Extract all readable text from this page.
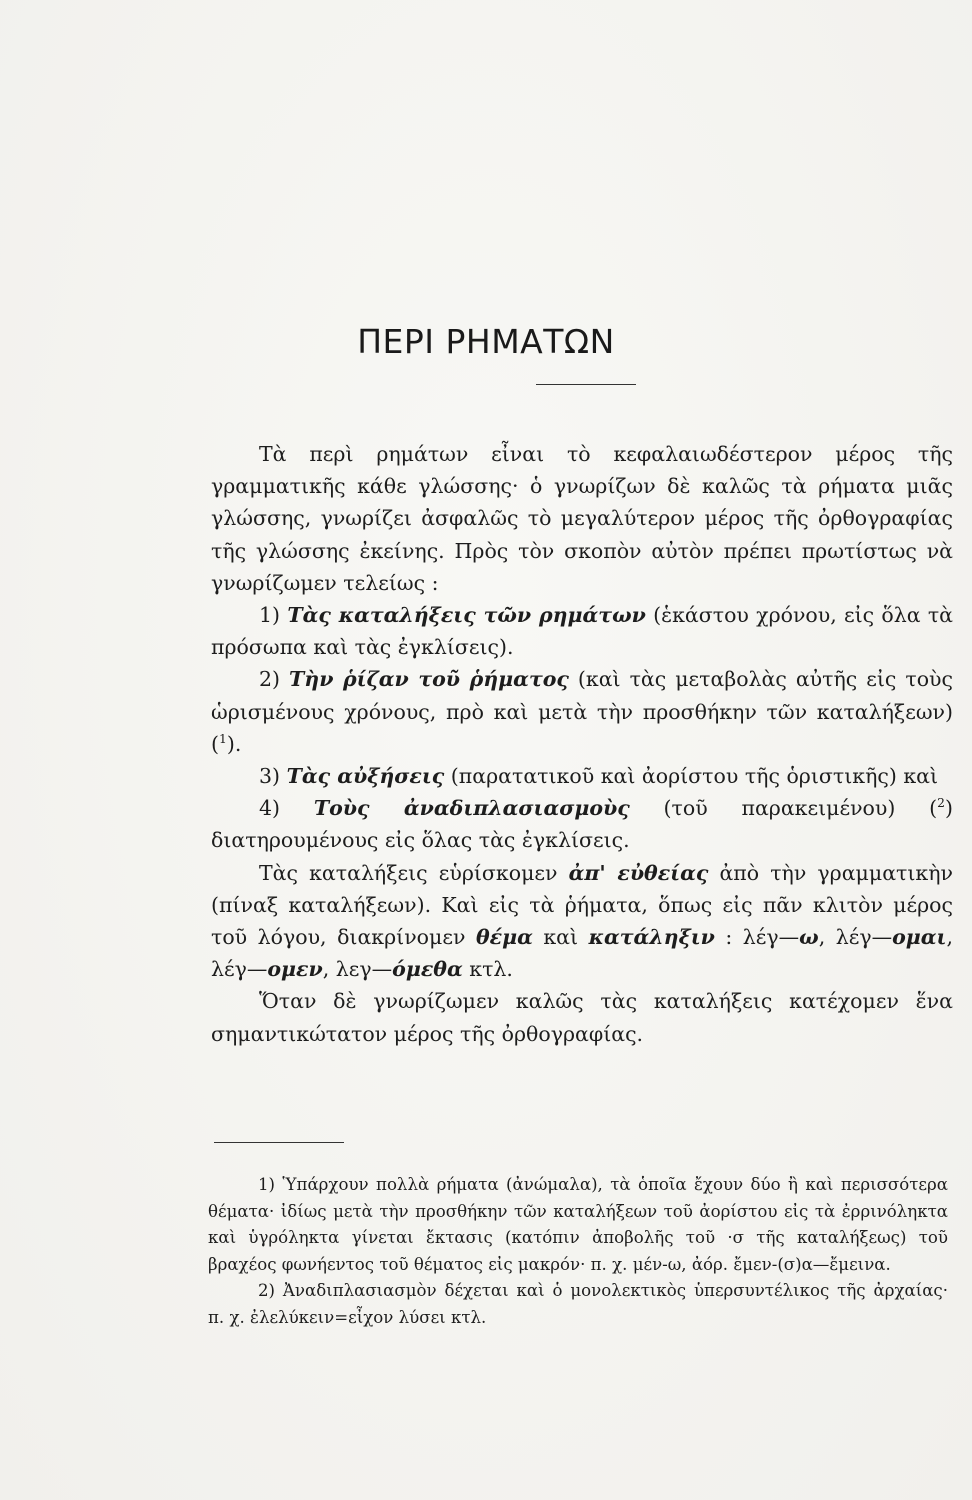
ΠΕΡΙ ΡΗΜΑΤΩΝ

Τὰ περὶ ρημάτων εἶναι τὸ κεφαλαιωδέστερον μέρος τῆς γραμματικῆς κάθε γλώσσης· ὁ γνωρίζων δὲ καλῶς τὰ ρήματα μιᾶς γλώσσης, γνωρίζει ἀσφαλῶς τὸ μεγαλύτερον μέρος τῆς ὀρθογραφίας τῆς γλώσσης ἐκείνης. Πρὸς τὸν σκοπὸν αὐτὸν πρέπει πρωτίστως νὰ γνωρίζωμεν τελείως :

1) Τὰς καταλήξεις τῶν ρημάτων (ἑκάστου χρόνου, εἰς ὅλα τὰ πρόσωπα καὶ τὰς ἐγκλίσεις).

2) Τὴν ῥίζαν τοῦ ῥήματος (καὶ τὰς μεταβολὰς αὐτῆς εἰς τοὺς ὡρισμένους χρόνους, πρὸ καὶ μετὰ τὴν προσθήκην τῶν καταλήξεων) ($^1$).

3) Τὰς αὐξήσεις (παρατατικοῦ καὶ ἀορίστου τῆς ὁριστικῆς) καὶ

4) Τοὺς ἀναδιπλασιασμοὺς (τοῦ παρακειμένου) ($^2$) διατηρουμένους εἰς ὅλας τὰς ἐγκλίσεις.

Τὰς καταλήξεις εὑρίσκομεν ἀπ' εὐθείας ἀπὸ τὴν γραμματικὴν (πίναξ καταλήξεων). Καὶ εἰς τὰ ῥήματα, ὅπως εἰς πᾶν κλιτὸν μέρος τοῦ λόγου, διακρίνομεν θέμα καὶ κατάληξιν : λέγ—ω, λέγ—ομαι, λέγ—ομεν, λεγ—όμεθα κτλ.

Ὅταν δὲ γνωρίζωμεν καλῶς τὰς καταλήξεις κατέχομεν ἕνα σημαντικώτατον μέρος τῆς ὀρθογραφίας.

1) Ὑπάρχουν πολλὰ ρήματα (ἀνώμαλα), τὰ ὁποῖα ἔχουν δύο ἢ καὶ περισσότερα θέματα· ἰδίως μετὰ τὴν προσθήκην τῶν καταλήξεων τοῦ ἀορίστου εἰς τὰ ἐρρινόληκτα καὶ ὑγρόληκτα γίνεται ἔκτασις (κατόπιν ἀποβολῆς τοῦ ·σ τῆς καταλήξεως) τοῦ βραχέος φωνήεντος τοῦ θέματος εἰς μακρόν· π. χ. μέν-ω, ἀόρ. ἔμεν-(σ)α—ἔμεινα.

2) Ἀναδιπλασιασμὸν δέχεται καὶ ὁ μονολεκτικὸς ὑπερσυντέλικος τῆς ἀρχαίας· π. χ. ἐλελύκειν=εἶχον λύσει κτλ.
